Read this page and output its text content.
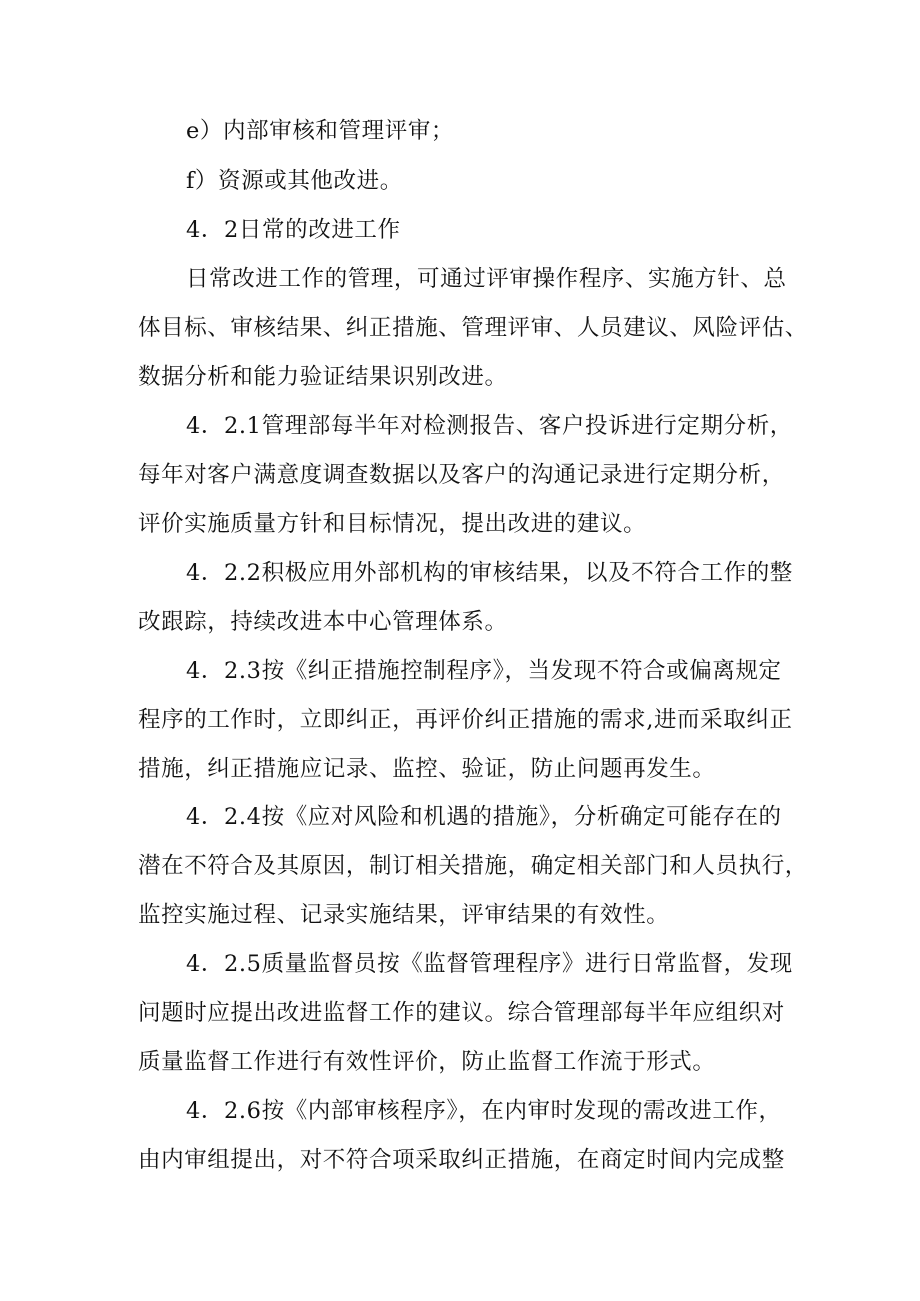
e）内部审核和管理评审；
f）资源或其他改进。
4．2日常的改进工作
日常改进工作的管理，可通过评审操作程序、实施方针、总
体目标、审核结果、纠正措施、管理评审、人员建议、风险评估、
数据分析和能力验证结果识别改进。
4．2.1管理部每半年对检测报告、客户投诉进行定期分析，
每年对客户满意度调查数据以及客户的沟通记录进行定期分析，
评价实施质量方针和目标情况，提出改进的建议。
4．2.2积极应用外部机构的审核结果，以及不符合工作的整
改跟踪，持续改进本中心管理体系。
4．2.3按《纠正措施控制程序》，当发现不符合或偏离规定
程序的工作时，立即纠正，再评价纠正措施的需求,进而采取纠正
措施，纠正措施应记录、监控、验证，防止问题再发生。
4．2.4按《应对风险和机遇的措施》，分析确定可能存在的
潜在不符合及其原因，制订相关措施，确定相关部门和人员执行，
监控实施过程、记录实施结果，评审结果的有效性。
4．2.5质量监督员按《监督管理程序》进行日常监督，发现
问题时应提出改进监督工作的建议。综合管理部每半年应组织对
质量监督工作进行有效性评价，防止监督工作流于形式。
4．2.6按《内部审核程序》，在内审时发现的需改进工作，
由内审组提出，对不符合项采取纠正措施，在商定时间内完成整
